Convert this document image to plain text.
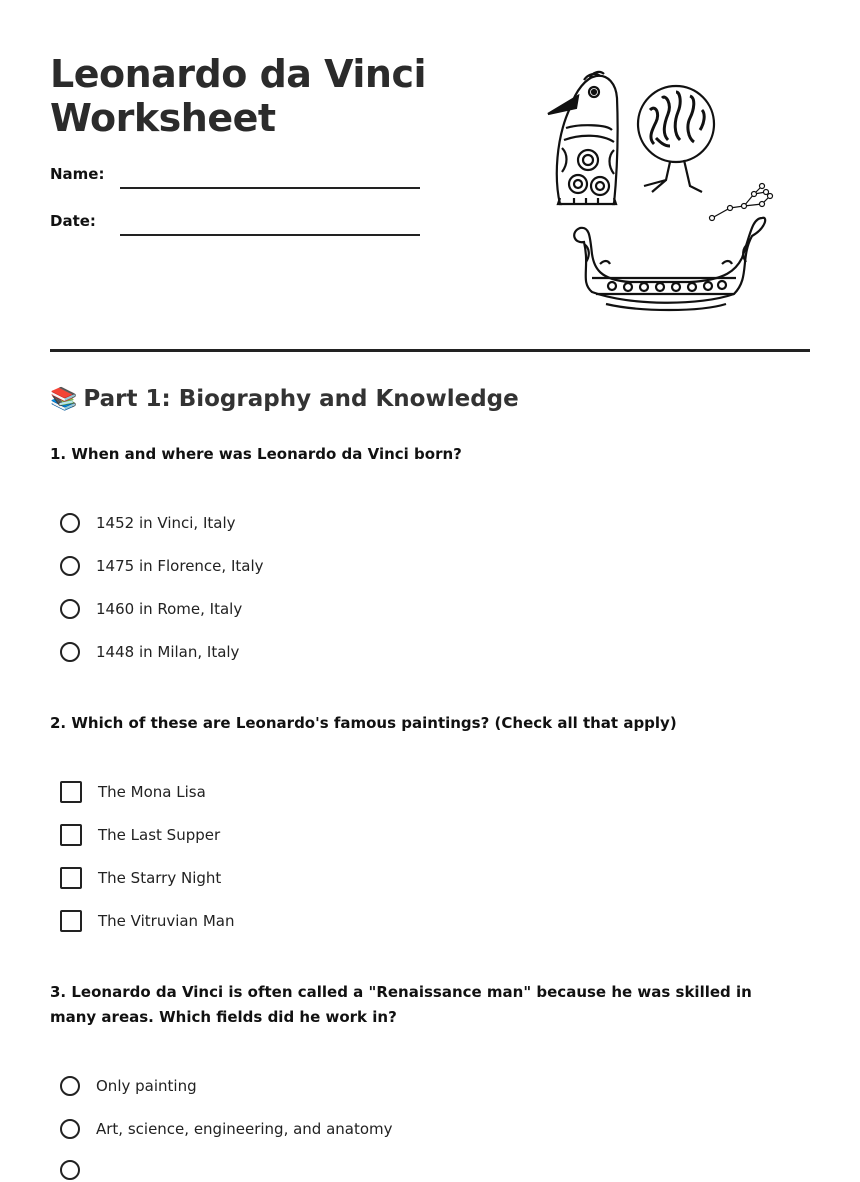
Leonardo da Vinci Worksheet
Name:
Date:
📚 Part 1: Biography and Knowledge

1. When and where was Leonardo da Vinci born?

1452 in Vinci, Italy
1475 in Florence, Italy
1460 in Rome, Italy
1448 in Milan, Italy

2. Which of these are Leonardo's famous paintings? (Check all that apply)

The Mona Lisa
The Last Supper
The Starry Night
The Vitruvian Man

3. Leonardo da Vinci is often called a "Renaissance man" because he was skilled in many areas. Which fields did he work in?

Only painting
Art, science, engineering, and anatomy
